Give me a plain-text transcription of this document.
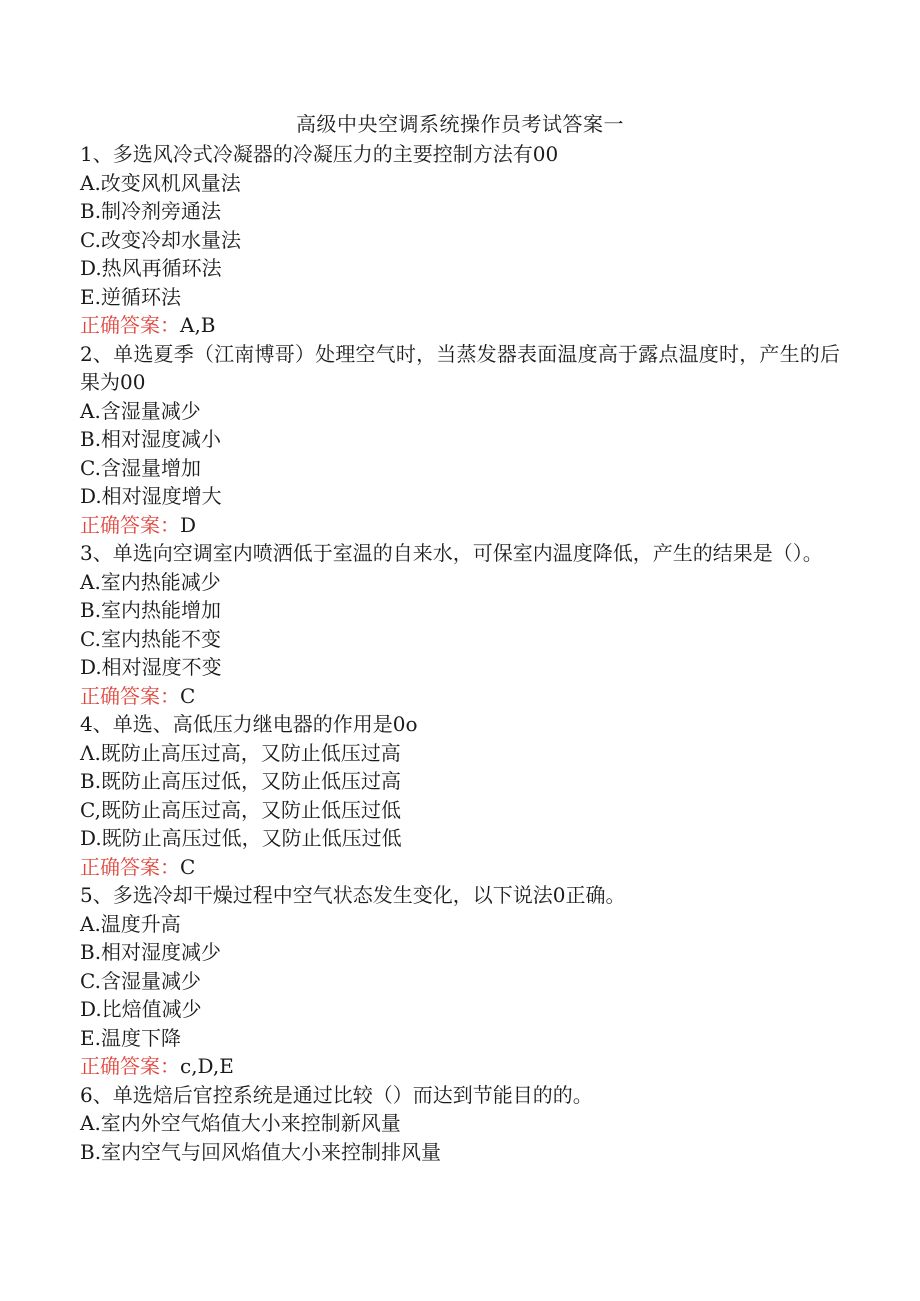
高级中央空调系统操作员考试答案一

1、多选风冷式冷凝器的冷凝压力的主要控制方法有00

A.改变风机风量法
B.制冷剂旁通法
C.改变冷却水量法
D.热风再循环法
E.逆循环法

正确答案：A,B

2、单选夏季（江南博哥）处理空气时，当蒸发器表面温度高于露点温度时，产生的后果为00

A.含湿量减少
B.相对湿度减小
C.含湿量增加
D.相对湿度增大

正确答案：D

3、单选向空调室内喷洒低于室温的自来水，可保室内温度降低，产生的结果是（）。

A.室内热能减少
B.室内热能增加
C.室内热能不变
D.相对湿度不变

正确答案：C

4、单选、高低压力继电器的作用是0o

Λ.既防止高压过高，又防止低压过高
B.既防止高压过低，又防止低压过高
C,既防止高压过高，又防止低压过低
D.既防止高压过低，又防止低压过低

正确答案：C

5、多选冷却干燥过程中空气状态发生变化，以下说法0正确。

A.温度升高
B.相对湿度减少
C.含湿量减少
D.比焙值减少
E.温度下降

正确答案：c,D,E

6、单选焙后官控系统是通过比较（）而达到节能目的的。

A.室内外空气焰值大小来控制新风量
B.室内空气与回风焰值大小来控制排风量
